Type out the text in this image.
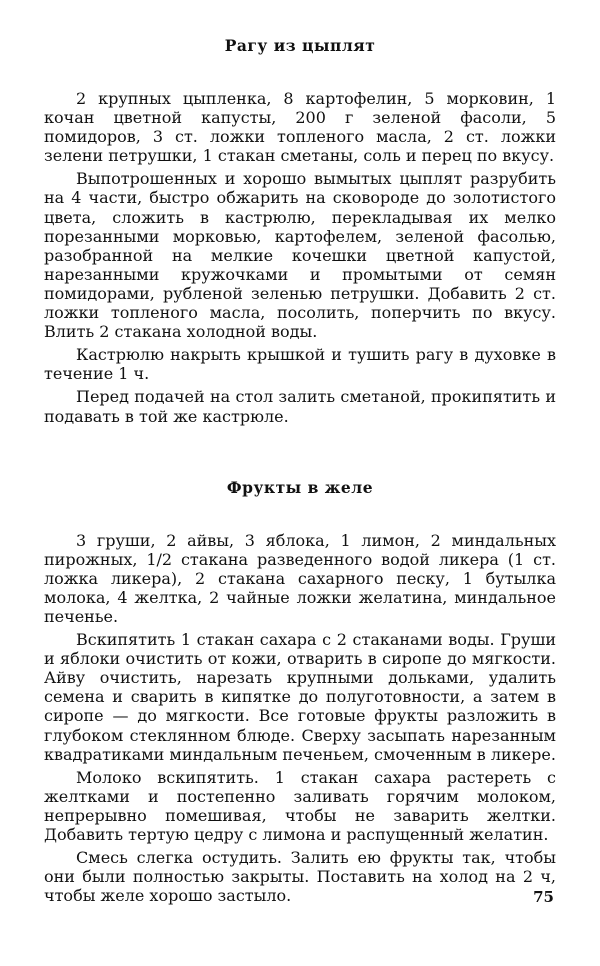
Рагу из цыплят

2 крупных цыпленка, 8 картофелин, 5 морковин, 1 кочан цветной капусты, 200 г зеленой фасоли, 5 помидоров, 3 ст. ложки топленого масла, 2 ст. ложки зелени петрушки, 1 стакан сметаны, соль и перец по вкусу.

Выпотрошенных и хорошо вымытых цыплят разрубить на 4 части, быстро обжарить на сковороде до золотистого цвета, сложить в кастрюлю, перекладывая их мелко порезанными морковью, картофелем, зеленой фасолью, разобранной на мелкие кочешки цветной капустой, нарезанными кружочками и промытыми от семян помидорами, рубленой зеленью петрушки. Добавить 2 ст. ложки топленого масла, посолить, поперчить по вкусу. Влить 2 стакана холодной воды.

Кастрюлю накрыть крышкой и тушить рагу в духовке в течение 1 ч.

Перед подачей на стол залить сметаной, прокипятить и подавать в той же кастрюле.

Фрукты в желе

3 груши, 2 айвы, 3 яблока, 1 лимон, 2 миндальных пирожных, 1/2 стакана разведенного водой ликера (1 ст. ложка ликера), 2 стакана сахарного песку, 1 бутылка молока, 4 желтка, 2 чайные ложки желатина, миндальное печенье.

Вскипятить 1 стакан сахара с 2 стаканами воды. Груши и яблоки очистить от кожи, отварить в сиропе до мягкости. Айву очистить, нарезать крупными дольками, удалить семена и сварить в кипятке до полуготовности, а затем в сиропе — до мягкости. Все готовые фрукты разложить в глубоком стеклянном блюде. Сверху засыпать нарезанным квадратиками миндальным печеньем, смоченным в ликере.

Молоко вскипятить. 1 стакан сахара растереть с желтками и постепенно заливать горячим молоком, непрерывно помешивая, чтобы не заварить желтки. Добавить тертую цедру с лимона и распущенный желатин.

Смесь слегка остудить. Залить ею фрукты так, чтобы они были полностью закрыты. Поставить на холод на 2 ч, чтобы желе хорошо застыло.	75
